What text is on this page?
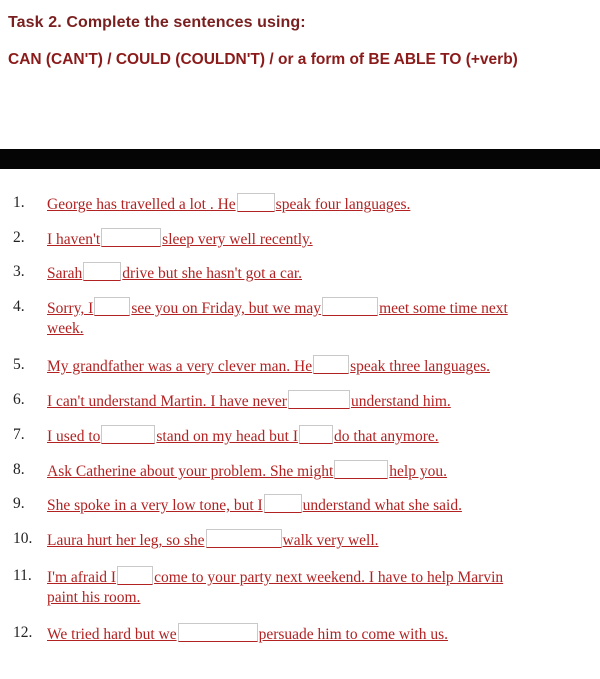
Task 2. Complete the sentences using:
CAN (CAN'T) / COULD (COULDN'T) / or a form of BE ABLE TO (+verb)
1.	George has travelled a lot . He	speak four languages.
2.	I haven't	sleep very well recently.
3.	Sarah	drive but she hasn't got a car.
4.	Sorry, I see you on Friday, but we may	meet some time next
week.
5.	My grandfather was a very clever man. He speak three languages.
6.	I can't understand Martin. I have never	understand him.
7.	I used to	stand on my head but I do that anymore.
8.	Ask Catherine about your problem. She might	help you.
9.	She spoke in a very low tone, but I	understand what she said.
10. Laura hurt her leg, so she	walk very well.
11. I'm afraid I come to your party next weekend. I have to help Marvin
paint his room.
12. We tried hard but we	persuade him to come with us.
